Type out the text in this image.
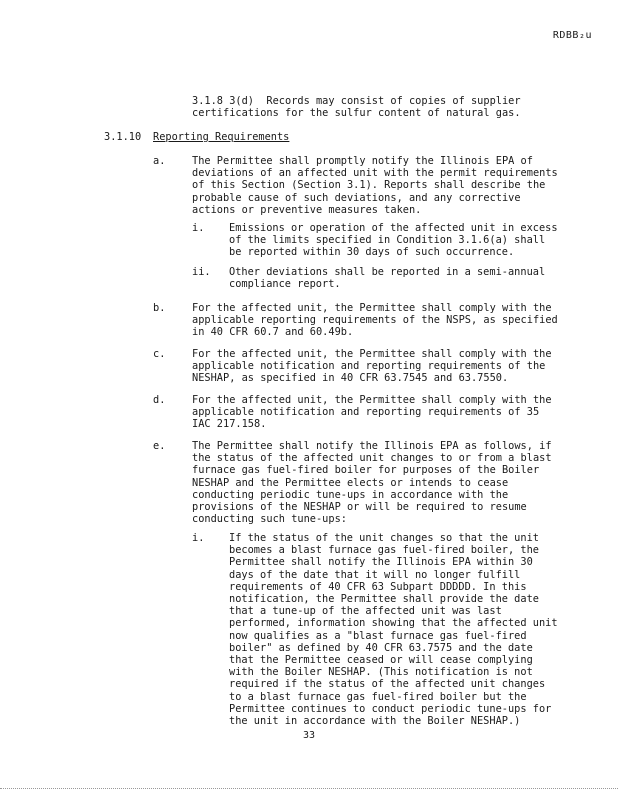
RDBB₂u

3.1.8 3(d)  Records may consist of copies of supplier
certifications for the sulfur content of natural gas.

3.1.10 Reporting Requirements

a.	The Permittee shall promptly notify the Illinois EPA of
deviations of an affected unit with the permit requirements
of this Section (Section 3.1). Reports shall describe the
probable cause of such deviations, and any corrective
actions or preventive measures taken.

i. Emissions or operation of the affected unit in excess
of the limits specified in Condition 3.1.6(a) shall
be reported within 30 days of such occurrence.

ii. Other deviations shall be reported in a semi-annual
compliance report.

b.	For the affected unit, the Permittee shall comply with the
applicable reporting requirements of the NSPS, as specified
in 40 CFR 60.7 and 60.49b.

c.	For the affected unit, the Permittee shall comply with the
applicable notification and reporting requirements of the
NESHAP, as specified in 40 CFR 63.7545 and 63.7550.

d.	For the affected unit, the Permittee shall comply with the
applicable notification and reporting requirements of 35
IAC 217.158.

e.	The Permittee shall notify the Illinois EPA as follows, if
the status of the affected unit changes to or from a blast
furnace gas fuel-fired boiler for purposes of the Boiler
NESHAP and the Permittee elects or intends to cease
conducting periodic tune-ups in accordance with the
provisions of the NESHAP or will be required to resume
conducting such tune-ups:

i. If the status of the unit changes so that the unit
becomes a blast furnace gas fuel-fired boiler, the
Permittee shall notify the Illinois EPA within 30
days of the date that it will no longer fulfill
requirements of 40 CFR 63 Subpart DDDDD. In this
notification, the Permittee shall provide the date
that a tune-up of the affected unit was last
performed, information showing that the affected unit
now qualifies as a "blast furnace gas fuel-fired
boiler" as defined by 40 CFR 63.7575 and the date
that the Permittee ceased or will cease complying
with the Boiler NESHAP. (This notification is not
required if the status of the affected unit changes
to a blast furnace gas fuel-fired boiler but the
Permittee continues to conduct periodic tune-ups for
the unit in accordance with the Boiler NESHAP.)

33
